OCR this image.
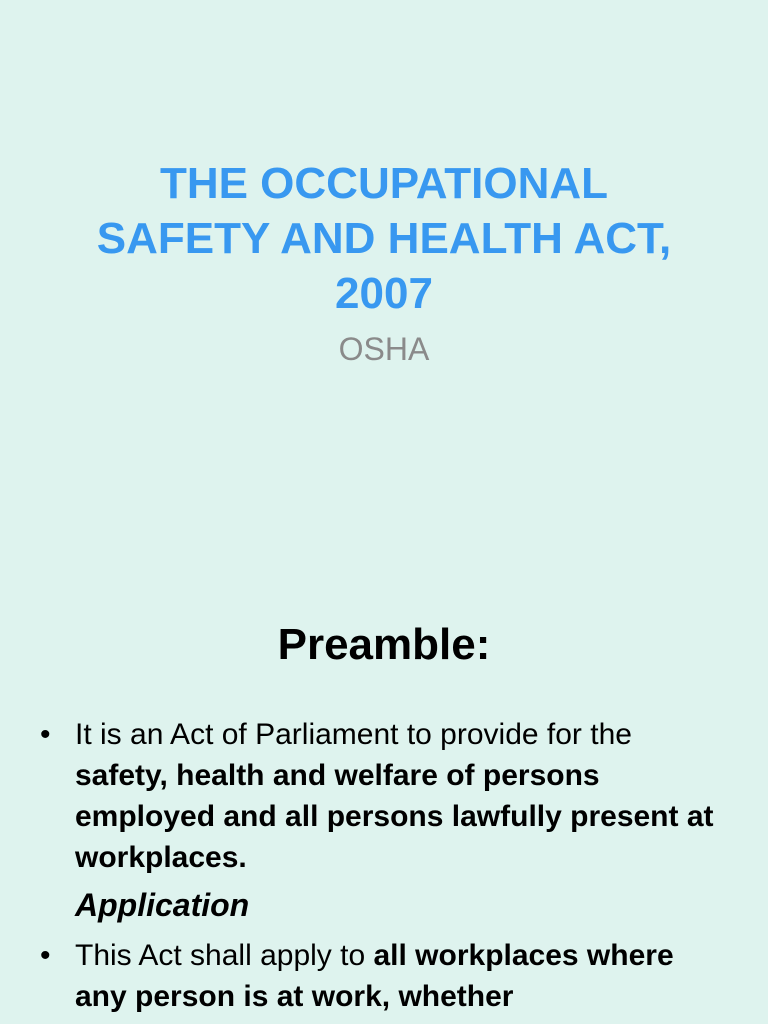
THE OCCUPATIONAL
SAFETY AND HEALTH ACT,
2007

OSHA

Preamble:
• It is an Act of Parliament to provide for the safety, health and welfare of persons employed and all persons lawfully present at workplaces.

Application

• This Act shall apply to all workplaces where any person is at work, whether
